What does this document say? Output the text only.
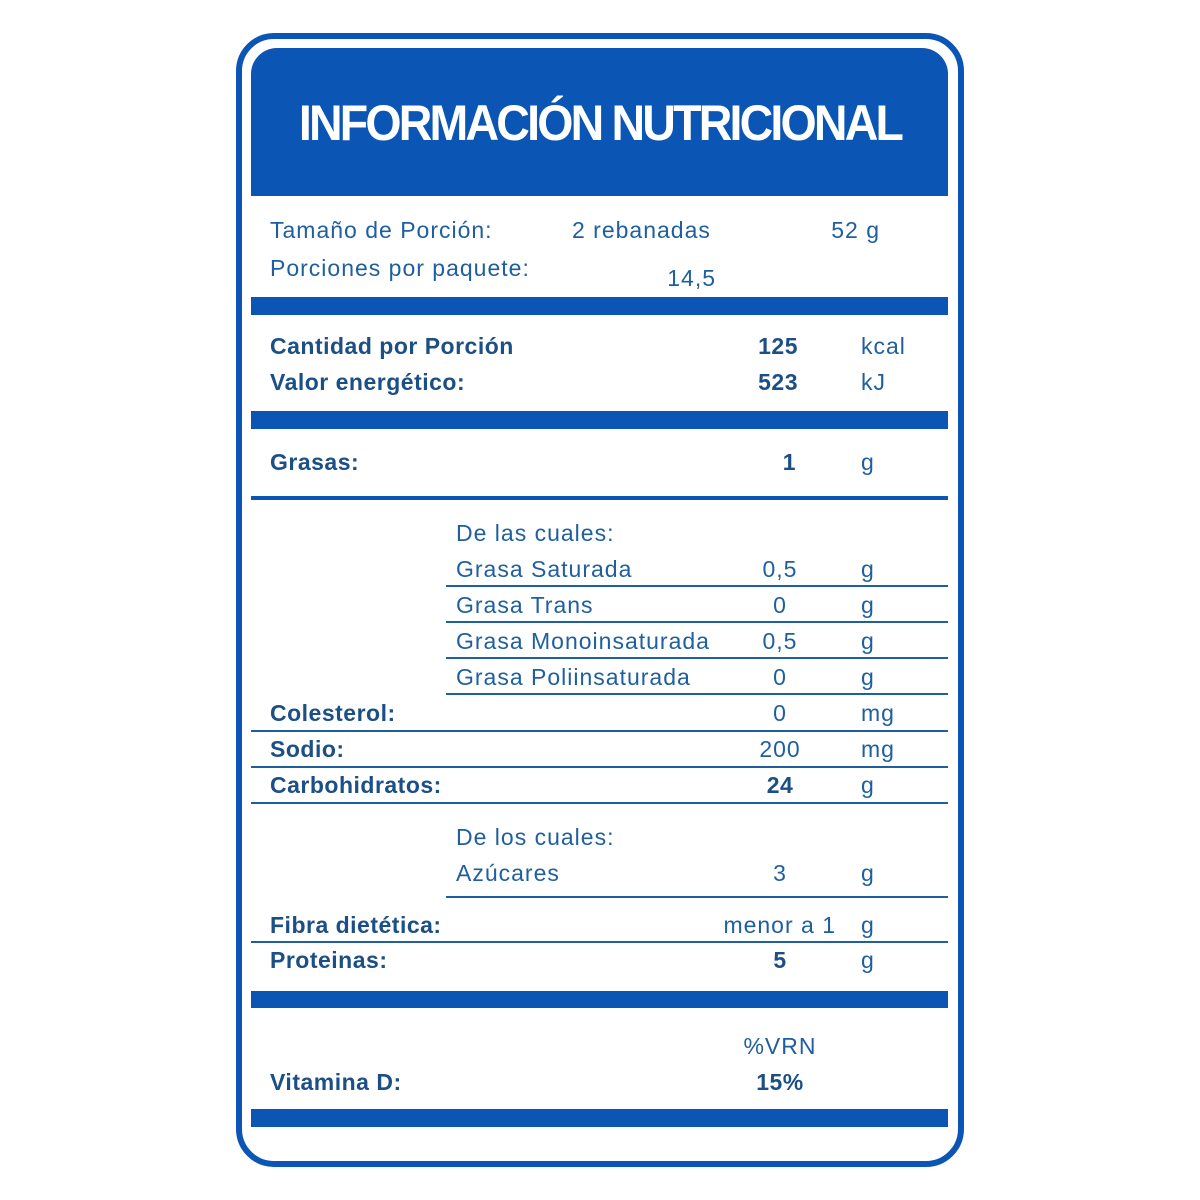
INFORMACIÓN NUTRICIONAL
Tamaño de Porción:	2 rebanadas	52 g
Porciones por paquete:	14,5
Cantidad por Porción	125	kcal
Valor energético:	523	kJ
Grasas:	1	g
De las cuales:
Grasa Saturada	0,5	g
Grasa Trans	0	g
Grasa Monoinsaturada	0,5	g
Grasa Poliinsaturada	0	g
Colesterol:	0	mg
Sodio:	200	mg
Carbohidratos:	24	g
De los cuales:
Azúcares	3	g
Fibra dietética:	menor a 1 g
Proteinas:	5	g
%VRN
Vitamina D:	15%
